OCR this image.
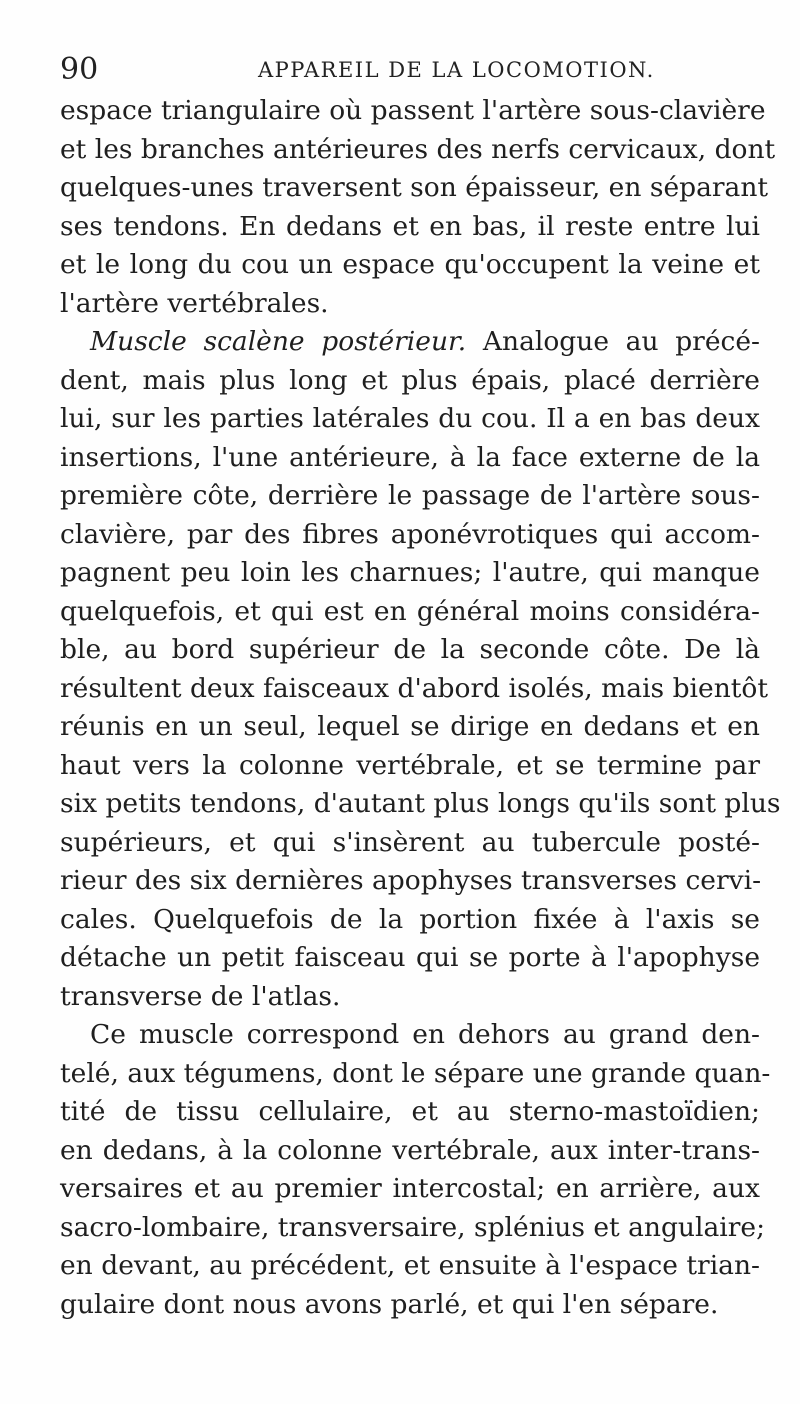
90	APPAREIL DE LA LOCOMOTION.
espace triangulaire où passent l'artère sous-clavière
et les branches antérieures des nerfs cervicaux, dont
quelques-unes traversent son épaisseur, en séparant
ses tendons. En dedans et en bas, il reste entre lui
et le long du cou un espace qu'occupent la veine et
l'artère vertébrales.
Muscle scalène postérieur. Analogue au précé-
dent, mais plus long et plus épais, placé derrière
lui, sur les parties latérales du cou. Il a en bas deux
insertions, l'une antérieure, à la face externe de la
première côte, derrière le passage de l'artère sous-
clavière, par des fibres aponévrotiques qui accom-
pagnent peu loin les charnues; l'autre, qui manque
quelquefois, et qui est en général moins considéra-
ble, au bord supérieur de la seconde côte. De là
résultent deux faisceaux d'abord isolés, mais bientôt
réunis en un seul, lequel se dirige en dedans et en
haut vers la colonne vertébrale, et se termine par
six petits tendons, d'autant plus longs qu'ils sont plus
supérieurs, et qui s'insèrent au tubercule posté-
rieur des six dernières apophyses transverses cervi-
cales. Quelquefois de la portion fixée à l'axis se
détache un petit faisceau qui se porte à l'apophyse
transverse de l'atlas.
Ce muscle correspond en dehors au grand den-
telé, aux tégumens, dont le sépare une grande quan-
tité de tissu cellulaire, et au sterno-mastoïdien;
en dedans, à la colonne vertébrale, aux inter-trans-
versaires et au premier intercostal; en arrière, aux
sacro-lombaire, transversaire, splénius et angulaire;
en devant, au précédent, et ensuite à l'espace trian-
gulaire dont nous avons parlé, et qui l'en sépare.
